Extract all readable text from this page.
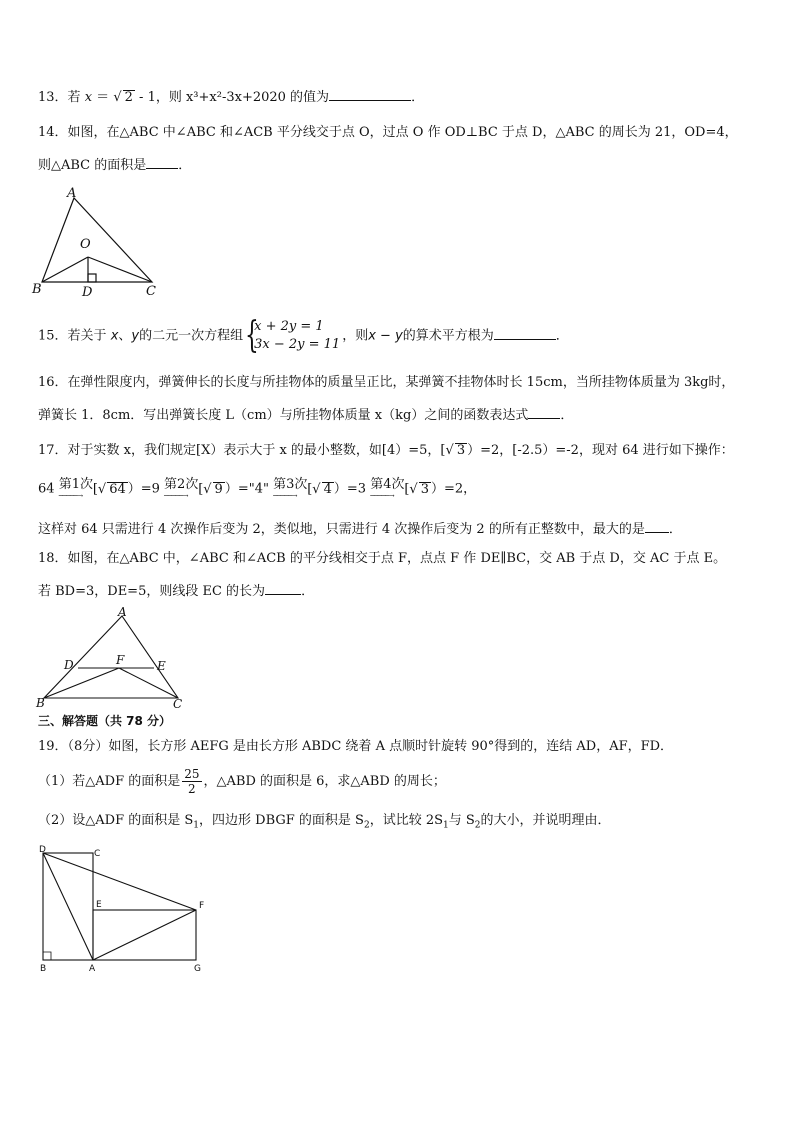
13．若 x ＝ √ 2 - 1，则 x³+x²-3x+2020 的值为	．
14．如图，在△ABC 中∠ABC 和∠ACB 平分线交于点 O，过点 O 作 OD⊥BC 于点 D，△ABC 的周长为 21，OD=4，
则△ABC 的面积是 ．
A
O
B	D	C
15．若关于 x、y的二元一次方程组 {
x + 2y = 1
3x − 2y = 11
，则x − y的算术平方根为	．
16．在弹性限度内，弹簧伸长的长度与所挂物体的质量呈正比，某弹簧不挂物体时长 15cm，当所挂物体质量为 3kg时，
弹簧长 1．8cm．写出弹簧长度 L（cm）与所挂物体质量 x（kg）之间的函数表达式 ．
17．对于实数 x，我们规定[X）表示大于 x 的最小整数，如[4）=5，[√ 3 ）=2，[-2.5）=-2，现对 64 进行如下操作：
64 第1次
─────→ [√ 64 ）=9 第2次
─────→ [√ 9 ）="4" 第3次
─────→ [√ 4 ）=3 第4次
─────→ [√ 3 ）=2，
这样对 64 只需进行 4 次操作后变为 2，类似地，只需进行 4 次操作后变为 2 的所有正整数中，最大的是 ．
18．如图，在△ABC 中，∠ABC 和∠ACB 的平分线相交于点 F，点点 F 作 DE∥BC，交 AB 于点 D，交 AC 于点 E。
若 BD=3，DE=5，则线段 EC 的长为	．
A
D	F	E
B	C
三、解答题（共 78 分）
19．（8分）如图，长方形 AEFG 是由长方形 ABDC 绕着 A 点顺时针旋转 90°得到的，连结 AD，AF，FD．
（1）若△ADF 的面积是 $\frac{25}{2}$ ，△ABD 的面积是 6，求△ABD 的周长；
（2）设△ADF 的面积是 $S_1$，四边形 DBGF 的面积是 $S_2$，试比较 $2S_1$与 $S_2$的大小，并说明理由．
D	C
E	F
B	A	G
